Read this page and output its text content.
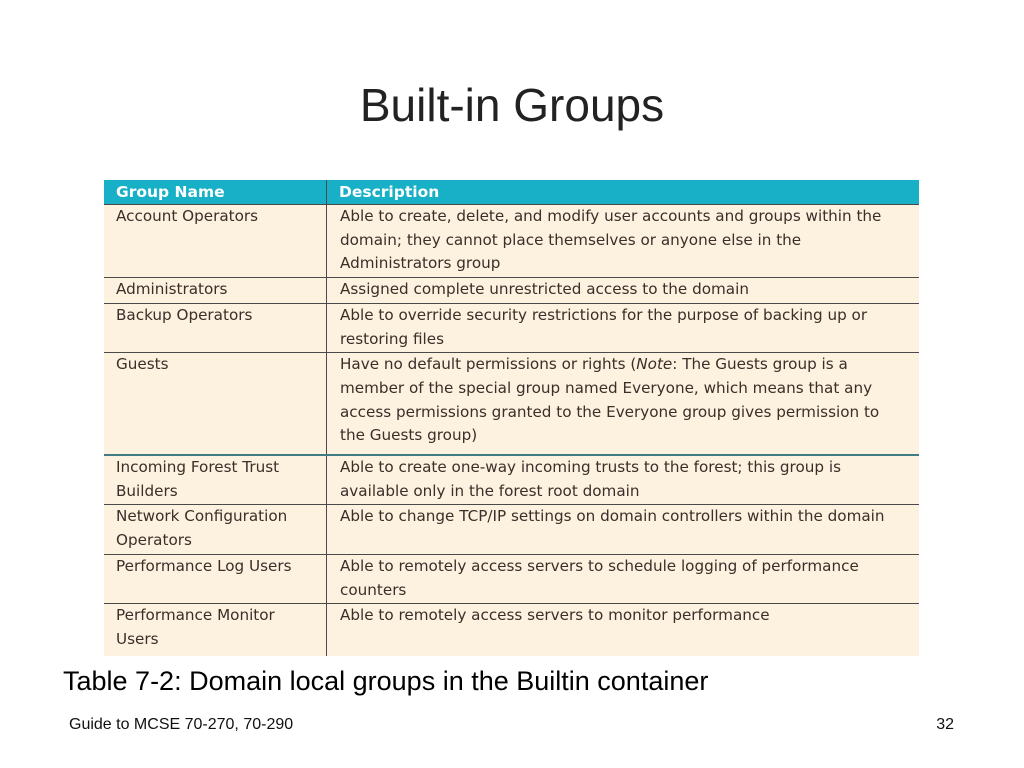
Built-in Groups
Group Name	Description
Account Operators	Able to create, delete, and modify user accounts and groups within the domain; they cannot place themselves or anyone else in the Administrators group
Administrators	Assigned complete unrestricted access to the domain
Backup Operators	Able to override security restrictions for the purpose of backing up or restoring files
Guests	Have no default permissions or rights (Note: The Guests group is a member of the special group named Everyone, which means that any access permissions granted to the Everyone group gives permission to the Guests group)
Incoming Forest Trust Builders	Able to create one-way incoming trusts to the forest; this group is available only in the forest root domain
Network Configuration Operators	Able to change TCP/IP settings on domain controllers within the domain
Performance Log Users	Able to remotely access servers to schedule logging of performance counters
Performance Monitor Users	Able to remotely access servers to monitor performance
Table 7-2: Domain local groups in the Builtin container
Guide to MCSE 70-270, 70-290	32
